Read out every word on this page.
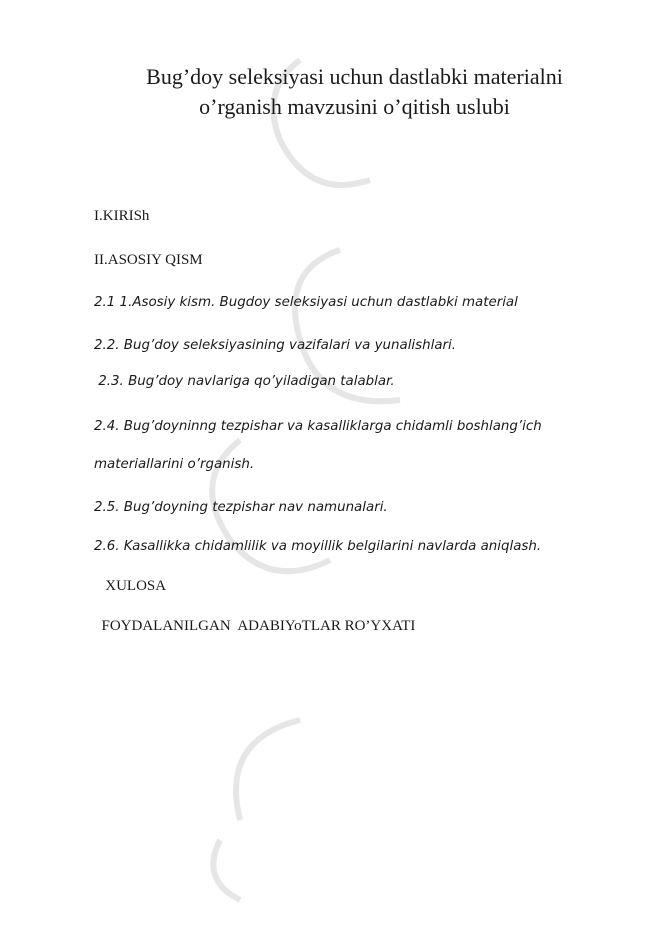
Bug’doy seleksiyasi uchun dastlabki materialni
o’rganish mavzusini o’qitish uslubi
I.KIRISh
II.ASOSIY QISM
2.1 1.Asosiy kism. Bugdoy seleksiyasi uchun dastlabki material
2.2. Bug’doy seleksiyasining vazifalari va yunalishlari.
2.3. Bug’doy navlariga qo’yiladigan talablar.
2.4. Bug’doyninng tezpishar va kasalliklarga chidamli boshlang’ich
materiallarini o’rganish.
2.5. Bug’doyning tezpishar nav namunalari.
2.6. Kasallikka chidamlilik va moyillik belgilarini navlarda aniqlash.
XULOSA
FOYDALANILGAN  ADABIYoTLAR RO’YXATI
